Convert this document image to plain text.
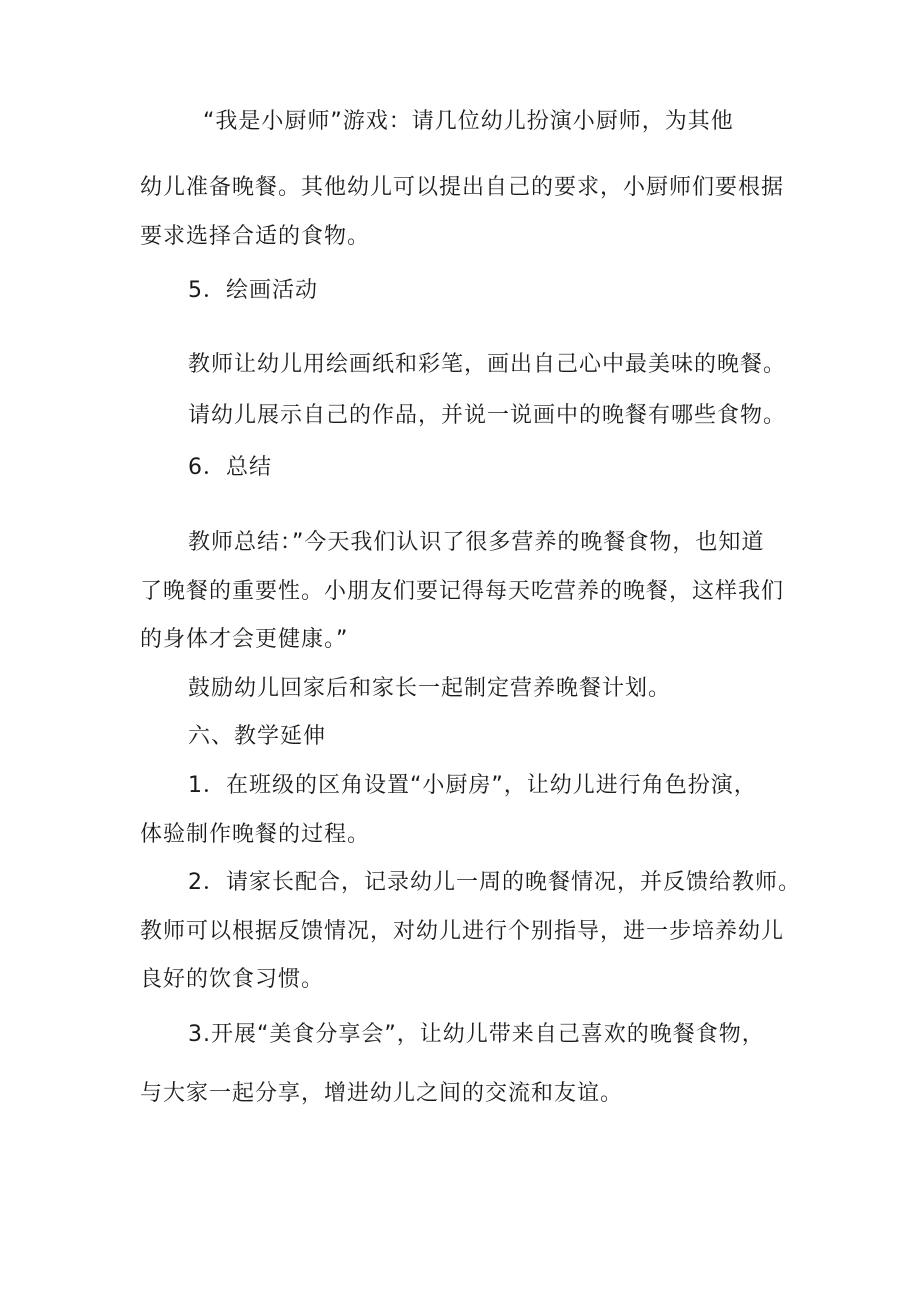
“我是小厨师”游戏：请几位幼儿扮演小厨师，为其他
幼儿准备晚餐。其他幼儿可以提出自己的要求，小厨师们要根据
要求选择合适的食物。
5．绘画活动
教师让幼儿用绘画纸和彩笔，画出自己心中最美味的晚餐。
请幼儿展示自己的作品，并说一说画中的晚餐有哪些食物。
6．总结
教师总结：”今天我们认识了很多营养的晚餐食物，也知道
了晚餐的重要性。小朋友们要记得每天吃营养的晚餐，这样我们
的身体才会更健康。”
鼓励幼儿回家后和家长一起制定营养晚餐计划。
六、教学延伸
1．在班级的区角设置“小厨房”，让幼儿进行角色扮演，
体验制作晚餐的过程。
2．请家长配合，记录幼儿一周的晚餐情况，并反馈给教师。
教师可以根据反馈情况，对幼儿进行个别指导，进一步培养幼儿
良好的饮食习惯。
3.开展“美食分享会”，让幼儿带来自己喜欢的晚餐食物，
与大家一起分享，增进幼儿之间的交流和友谊。
